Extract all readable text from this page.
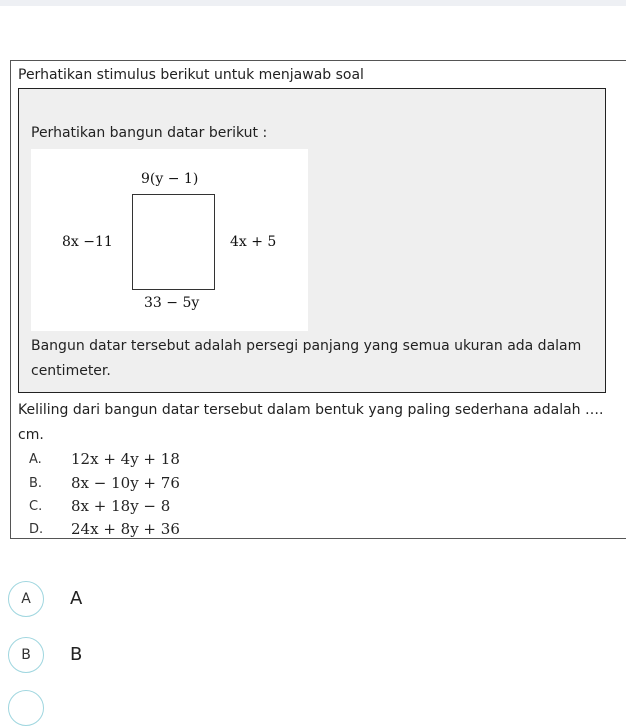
Perhatikan stimulus berikut untuk menjawab soal
Perhatikan bangun datar berikut :
9(y − 1)
8x −11	4x + 5
33 − 5y
Bangun datar tersebut adalah persegi panjang yang semua ukuran ada dalam centimeter.
Keliling dari bangun datar tersebut dalam bentuk yang paling sederhana adalah …. cm.
A.	12x + 4y + 18
B.	8x − 10y + 76
C.	8x + 18y − 8
D.	24x + 8y + 36
A	A
B	B
